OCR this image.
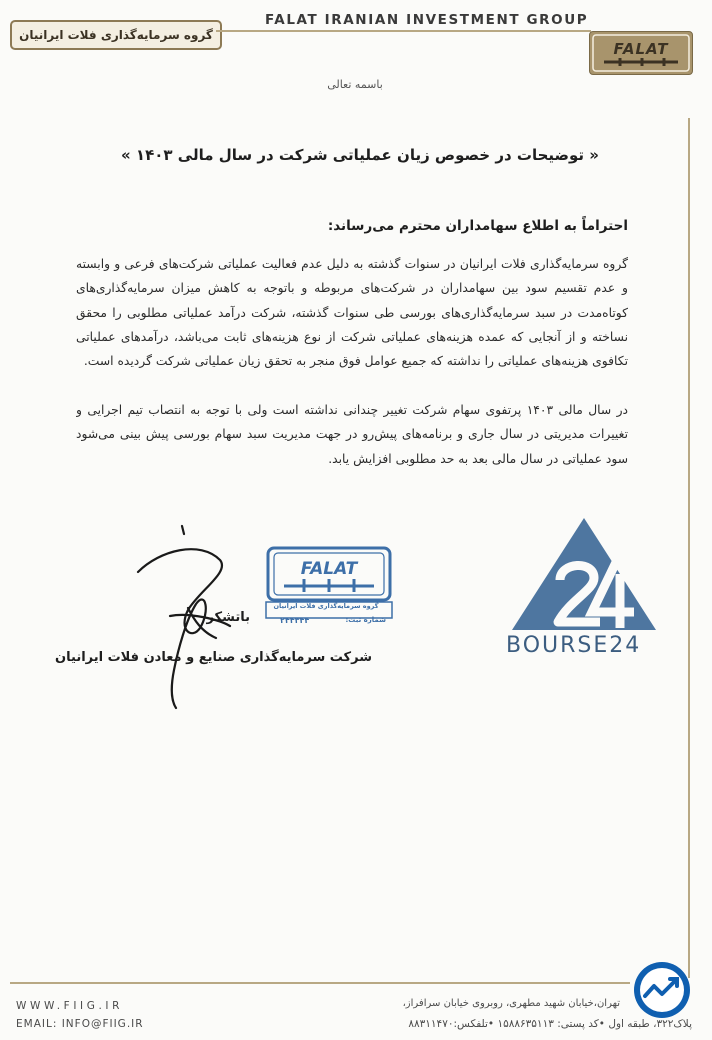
گروه سرمایه‌گذاری فلات ایرانیان
FALAT IRANIAN INVESTMENT GROUP
FALAT
باسمه تعالی
« توضیحات در خصوص زیان عملیاتی شرکت در سال مالی ۱۴۰۳ »
احتراماً به اطلاع سهامداران محترم می‌رساند:
گروه سرمایه‌گذاری فلات ایرانیان در سنوات گذشته به دلیل عدم فعالیت عملیاتی شرکت‌های فرعی و وابسته
و عدم تقسیم سود بین سهامداران در شرکت‌های مربوطه و باتوجه به کاهش میزان سرمایه‌گذاری‌های
کوتاه‌مدت در سبد سرمایه‌گذاری‌های بورسی طی سنوات گذشته، شرکت درآمد عملیاتی مطلوبی را محقق
نساخته و از آنجایی که عمده هزینه‌های عملیاتی شرکت از نوع هزینه‌های ثابت می‌باشد، درآمدهای عملیاتی
تکافوی هزینه‌های عملیاتی را نداشته که جمیع عوامل فوق منجر به تحقق زیان عملیاتی شرکت گردیده است.
در سال مالی ۱۴۰۳ پرتفوی سهام شرکت تغییر چندانی نداشته است ولی با توجه به انتصاب تیم اجرایی و
تغییرات مدیریتی در سال جاری و برنامه‌های پیش‌رو در جهت مدیریت سبد سهام بورسی پیش بینی می‌شود
سود عملیاتی در سال مالی بعد به حد مطلوبی افزایش یابد.
باتشکر
شرکت سرمایه‌گذاری صنایع و معادن فلات ایرانیان
FALAT
گروه سرمایه‌گذاری فلات ایرانیان
شماره ثبت:
۲۴۴۳۴۴
BOURSE24
WWW.FIIG.IR
EMAIL: INFO@FIIG.IR
تهران،خیابان شهید مطهری، روبروی خیابان سرافراز،
پلاک۳۲۲، طبقه اول •کد پستی: ۱۵۸۸۶۳۵۱۱۳ •تلفکس:۸۸۳۱۱۴۷۰
